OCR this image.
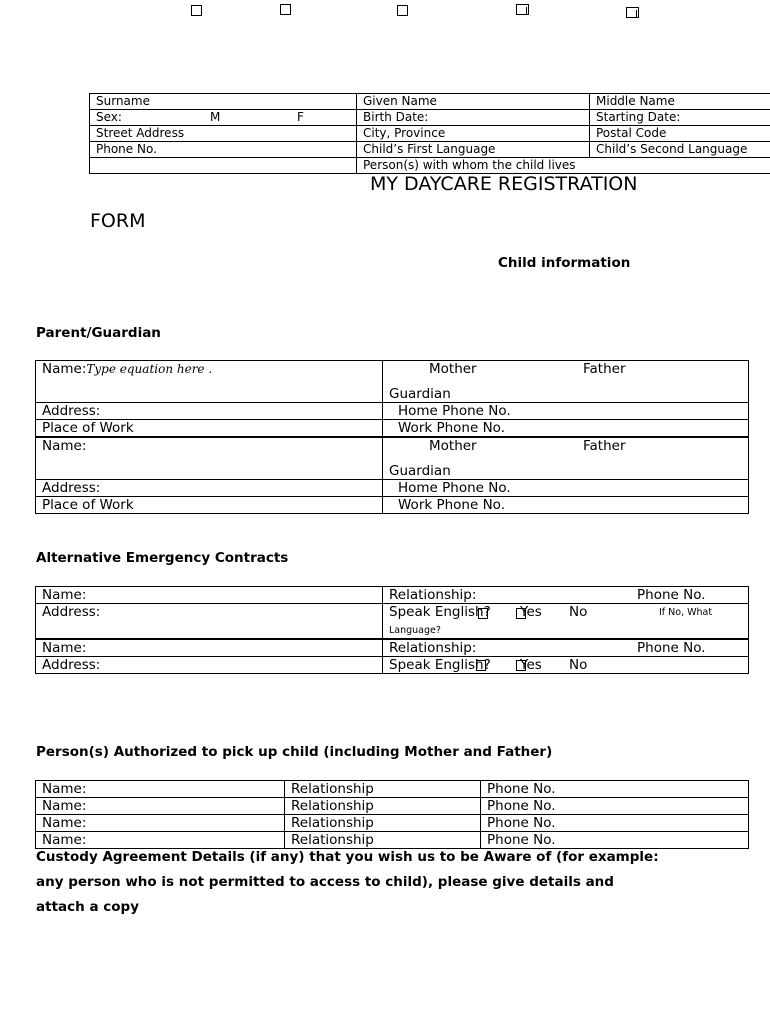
Surname	Given Name	Middle Name
Sex: M F	Birth Date:	Starting Date:
Street Address	City, Province	Postal Code
Phone No.	Child’s First Language	Child’s Second Language
	Person(s) with whom the child lives	
MY DAYCARE REGISTRATION
FORM
Child information
Parent/Guardian
Name:Type equation here .	Mother Father
Guardian

Address:	Home Phone No.
Place of Work	Work Phone No.
Name:	Mother Father
Guardian

Address:	Home Phone No.
Place of Work	Work Phone No.
Alternative Emergency Contracts
Name:	Relationship: Phone No.

Address:	Speak English? Yes No If No, What
Language?

Name:	Relationship: Phone No.

Address:	Speak English? Yes No
Person(s) Authorized to pick up child (including Mother and Father)
Name:	Relationship	Phone No.
Name:	Relationship	Phone No.
Name:	Relationship	Phone No.
Name:	Relationship	Phone No.
Custody Agreement Details (if any) that you wish us to be Aware of (for example:
any person who is not permitted to access to child), please give details and
attach a copy
